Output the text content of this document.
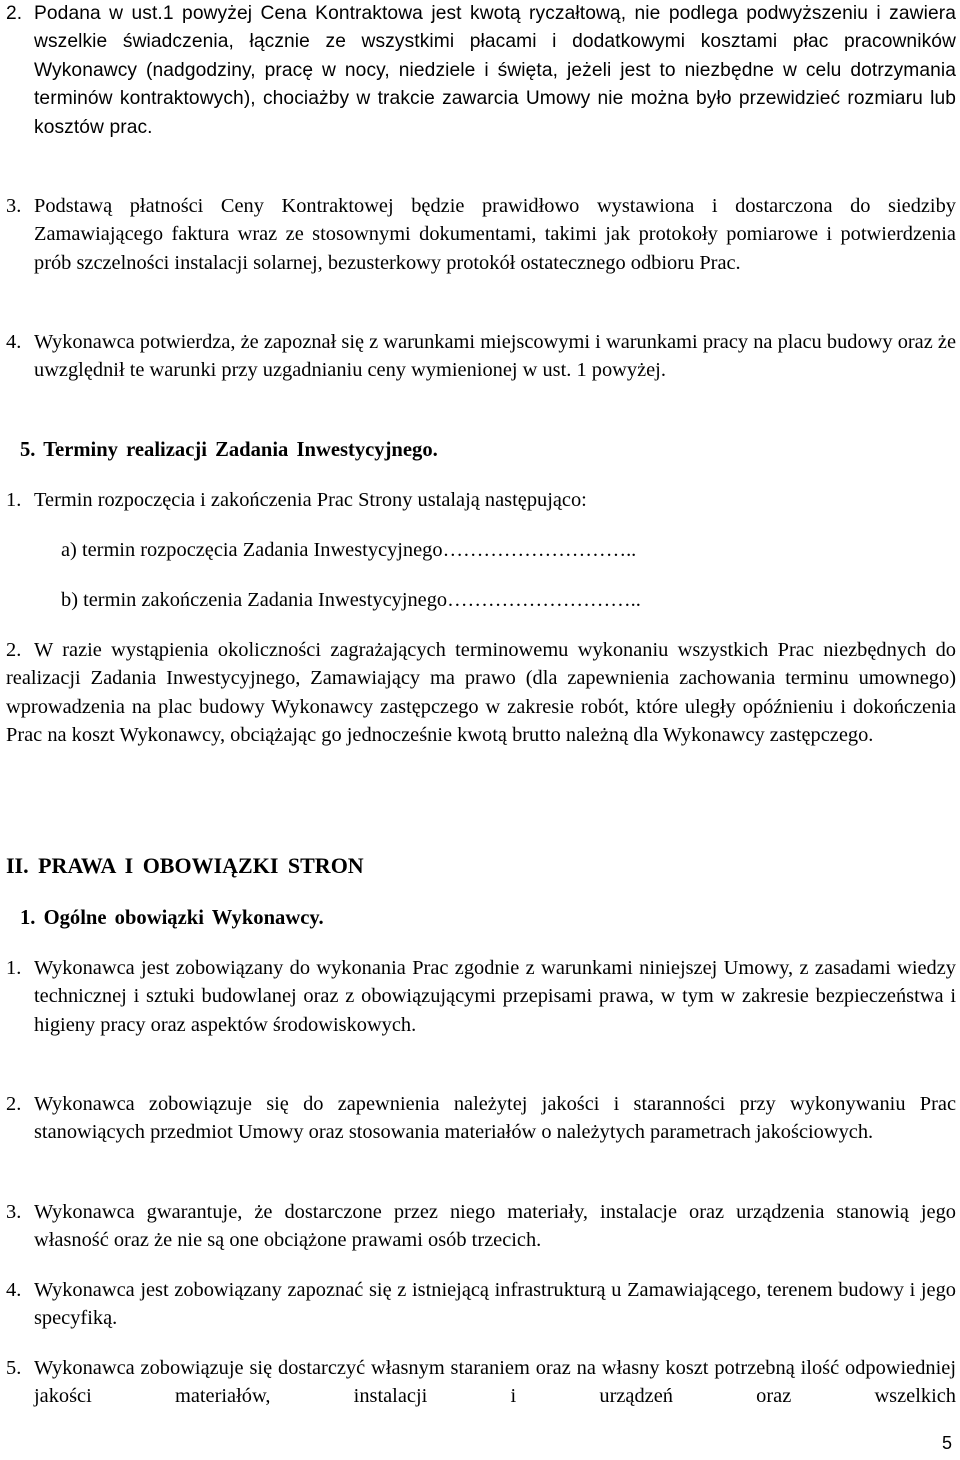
2. Podana w ust.1 powyżej Cena Kontraktowa jest kwotą ryczałtową, nie podlega podwyższeniu i zawiera wszelkie świadczenia, łącznie ze wszystkimi płacami i dodatkowymi kosztami płac pracowników Wykonawcy (nadgodziny, pracę w nocy, niedziele i święta, jeżeli jest to niezbędne w celu dotrzymania terminów kontraktowych), chociażby w trakcie zawarcia Umowy nie można było przewidzieć rozmiaru lub kosztów prac.
3. Podstawą płatności Ceny Kontraktowej będzie prawidłowo wystawiona i dostarczona do siedziby Zamawiającego faktura wraz ze stosownymi dokumentami, takimi jak protokoły pomiarowe i potwierdzenia prób szczelności instalacji solarnej, bezusterkowy protokół ostatecznego odbioru Prac.
4. Wykonawca potwierdza, że zapoznał się z warunkami miejscowymi i warunkami pracy na placu budowy oraz że uwzględnił te warunki przy uzgadnianiu ceny wymienionej w ust. 1 powyżej.
5. Terminy realizacji Zadania Inwestycyjnego.
1. Termin rozpoczęcia i zakończenia Prac Strony ustalają następująco:
a) termin rozpoczęcia Zadania Inwestycyjnego………………………..
b) termin zakończenia Zadania Inwestycyjnego………………………..
2. W razie wystąpienia okoliczności zagrażających terminowemu wykonaniu wszystkich Prac niezbędnych do realizacji Zadania Inwestycyjnego, Zamawiający ma prawo (dla zapewnienia zachowania terminu umownego) wprowadzenia na plac budowy Wykonawcy zastępczego w zakresie robót, które uległy opóźnieniu i dokończenia Prac na koszt Wykonawcy, obciążając go jednocześnie kwotą brutto należną dla Wykonawcy zastępczego.
II. PRAWA I OBOWIĄZKI STRON
1. Ogólne obowiązki Wykonawcy.
1. Wykonawca jest zobowiązany do wykonania Prac zgodnie z warunkami niniejszej Umowy, z zasadami wiedzy technicznej i sztuki budowlanej oraz z obowiązującymi przepisami prawa, w tym w zakresie bezpieczeństwa i higieny pracy oraz aspektów środowiskowych.
2. Wykonawca zobowiązuje się do zapewnienia należytej jakości i staranności przy wykonywaniu Prac stanowiących przedmiot Umowy oraz stosowania materiałów o należytych parametrach jakościowych.
3. Wykonawca gwarantuje, że dostarczone przez niego materiały, instalacje oraz urządzenia stanowią jego własność oraz że nie są one obciążone prawami osób trzecich.
4. Wykonawca jest zobowiązany zapoznać się z istniejącą infrastrukturą u Zamawiającego, terenem budowy i jego specyfiką.
5. Wykonawca zobowiązuje się dostarczyć własnym staraniem oraz na własny koszt potrzebną ilość odpowiedniej jakości materiałów, instalacji i urządzeń oraz wszelkich
5
